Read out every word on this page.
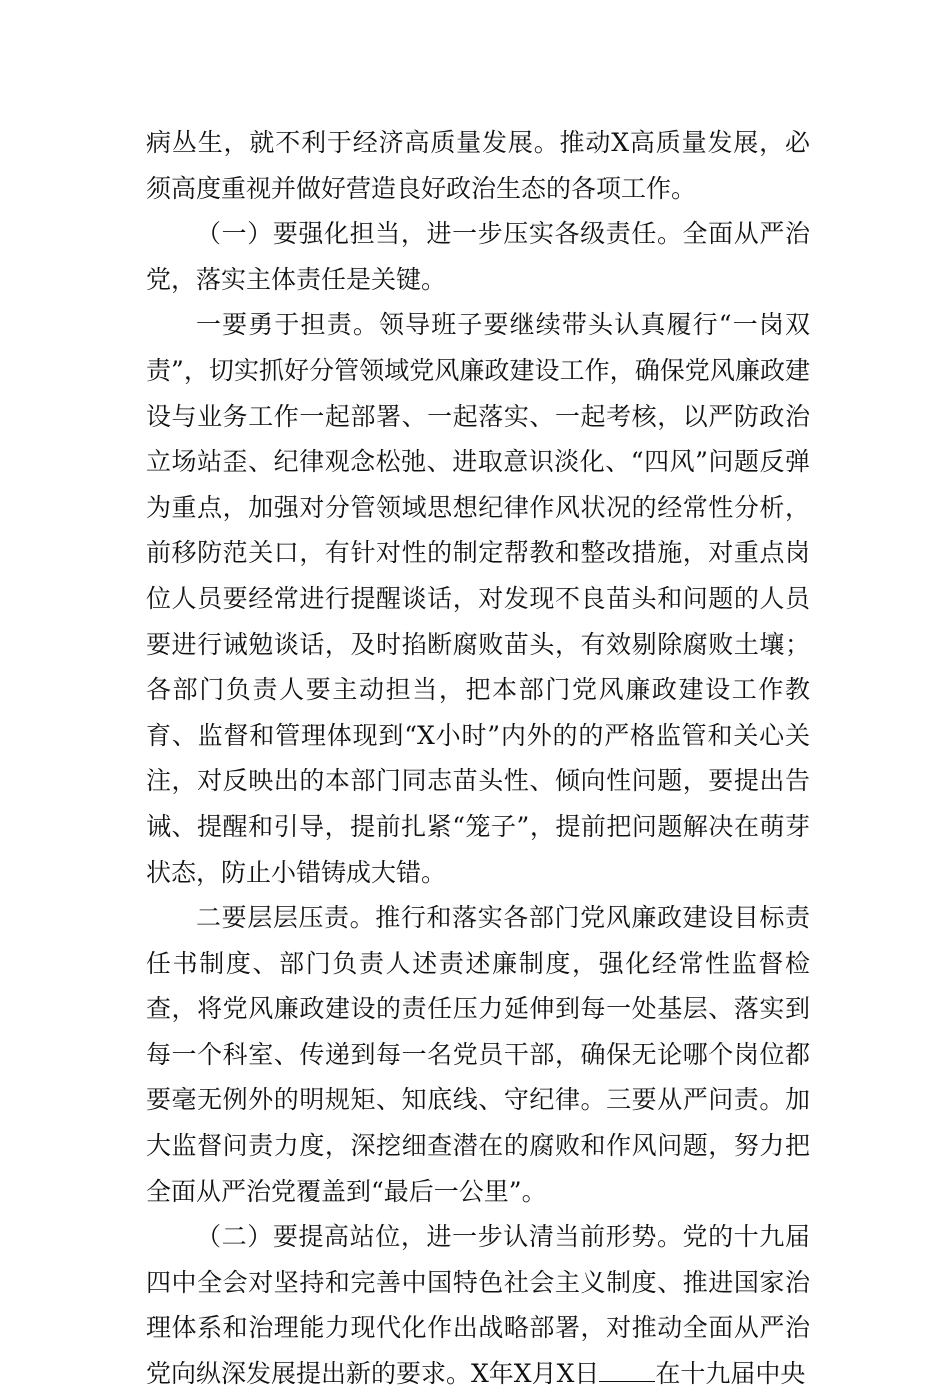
病丛生，就不利于经济高质量发展。推动X高质量发展，必须高度重视并做好营造良好政治生态的各项工作。

（一）要强化担当，进一步压实各级责任。全面从严治党，落实主体责任是关键。

一要勇于担责。领导班子要继续带头认真履行“一岗双责”，切实抓好分管领域党风廉政建设工作，确保党风廉政建设与业务工作一起部署、一起落实、一起考核，以严防政治立场站歪、纪律观念松弛、进取意识淡化、“四风”问题反弹为重点，加强对分管领域思想纪律作风状况的经常性分析，前移防范关口，有针对性的制定帮教和整改措施，对重点岗位人员要经常进行提醒谈话，对发现不良苗头和问题的人员要进行诫勉谈话，及时掐断腐败苗头，有效剔除腐败土壤；各部门负责人要主动担当，把本部门党风廉政建设工作教育、监督和管理体现到“X小时”内外的的严格监管和关心关注，对反映出的本部门同志苗头性、倾向性问题，要提出告诫、提醒和引导，提前扎紧“笼子”，提前把问题解决在萌芽状态，防止小错铸成大错。

二要层层压责。推行和落实各部门党风廉政建设目标责任书制度、部门负责人述责述廉制度，强化经常性监督检查，将党风廉政建设的责任压力延伸到每一处基层、落实到每一个科室、传递到每一名党员干部，确保无论哪个岗位都要毫无例外的明规矩、知底线、守纪律。三要从严问责。加大监督问责力度，深挖细查潜在的腐败和作风问题，努力把全面从严治党覆盖到“最后一公里”。

（二）要提高站位，进一步认清当前形势。党的十九届四中全会对坚持和完善中国特色社会主义制度、推进国家治理体系和治理能力现代化作出战略部署，对推动全面从严治党向纵深发展提出新的要求。X年X月X日 在十九届中央
